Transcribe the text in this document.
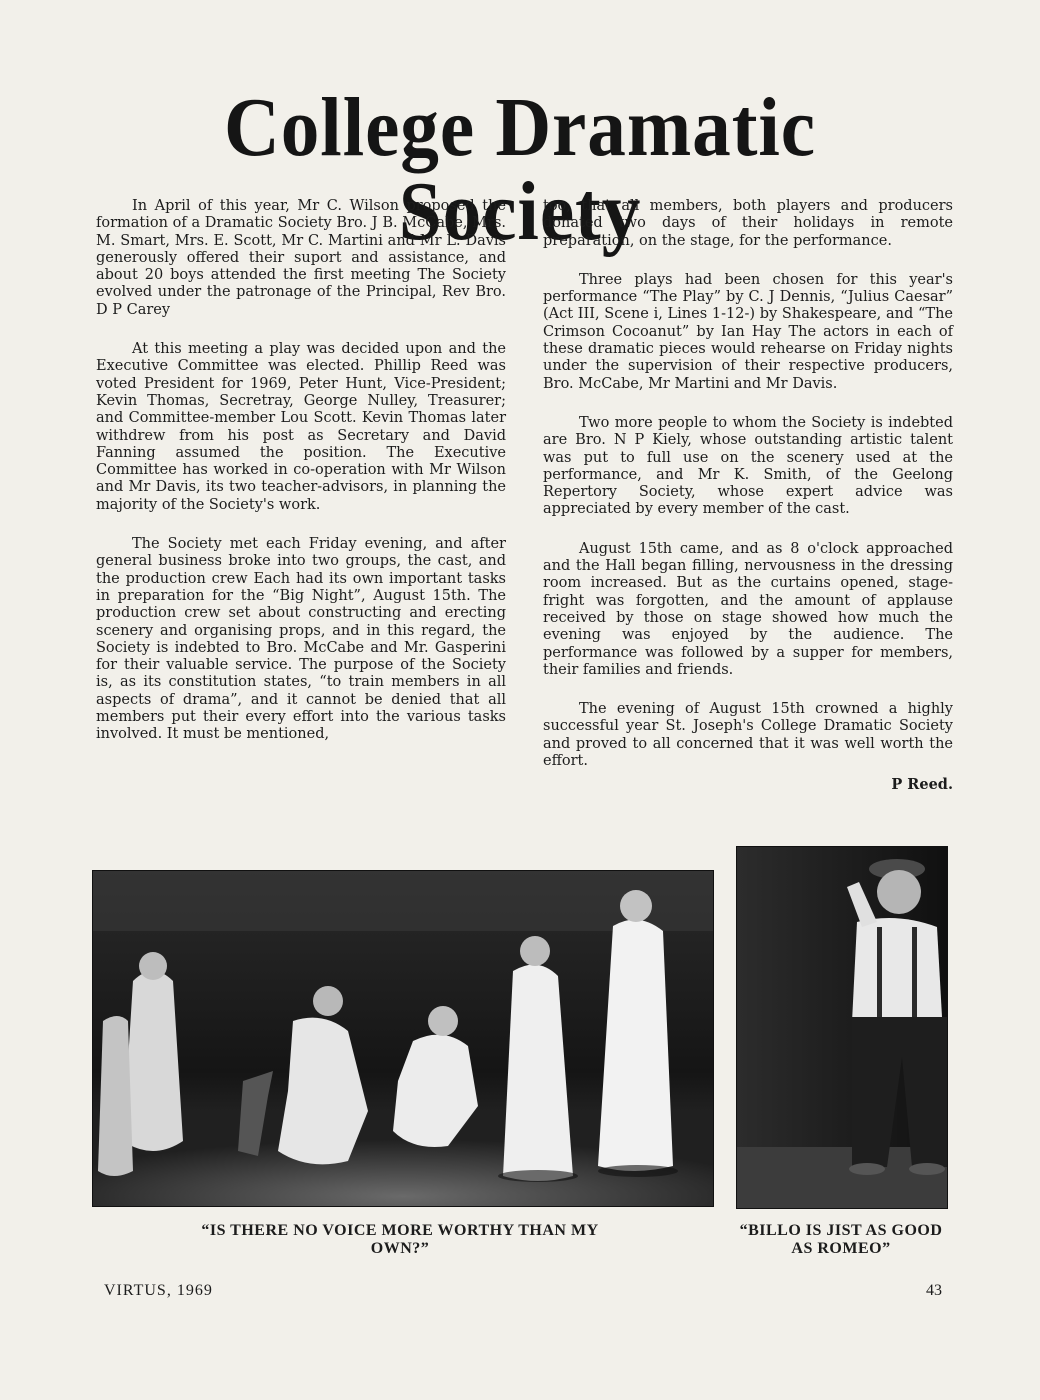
College Dramatic Society

In April of this year, Mr C. Wilson proposed the formation of a Dramatic Society Bro. J B. McCabe, Mrs. M. Smart, Mrs. E. Scott, Mr C. Martini and Mr L. Davis generously offered their suport and assistance, and about 20 boys attended the first meeting The Society evolved under the patronage of the Principal, Rev Bro. D P Carey

At this meeting a play was decided upon and the Executive Committee was elected. Phillip Reed was voted President for 1969, Peter Hunt, Vice-President; Kevin Thomas, Secretray, George Nulley, Treasurer; and Committee-member Lou Scott. Kevin Thomas later withdrew from his post as Secretary and David Fanning assumed the position. The Executive Committee has worked in co-operation with Mr Wilson and Mr Davis, its two teacher-advisors, in planning the majority of the Society's work.

The Society met each Friday evening, and after general business broke into two groups, the cast, and the production crew Each had its own important tasks in preparation for the “Big Night”, August 15th. The production crew set about constructing and erecting scenery and organising props, and in this regard, the Society is indebted to Bro. McCabe and Mr. Gasperini for their valuable service. The purpose of the Society is, as its constitution states, “to train members in all aspects of drama”, and it cannot be denied that all members put their every effort into the various tasks involved. It must be mentioned,

too, that all members, both players and producers donated two days of their holidays in remote preparation, on the stage, for the performance.

Three plays had been chosen for this year's performance “The Play” by C. J Dennis, “Julius Caesar” (Act III, Scene i, Lines 1-12-) by Shakespeare, and “The Crimson Cocoanut” by Ian Hay The actors in each of these dramatic pieces would rehearse on Friday nights under the supervision of their respective producers, Bro. McCabe, Mr Martini and Mr Davis.

Two more people to whom the Society is indebted are Bro. N P Kiely, whose outstanding artistic talent was put to full use on the scenery used at the performance, and Mr K. Smith, of the Geelong Repertory Society, whose expert advice was appreciated by every member of the cast.

August 15th came, and as 8 o'clock approached and the Hall began filling, nervousness in the dressing room increased. But as the curtains opened, stage-fright was forgotten, and the amount of applause received by those on stage showed how much the evening was enjoyed by the audience. The performance was followed by a supper for members, their families and friends.

The evening of August 15th crowned a highly successful year St. Joseph's College Dramatic Society and proved to all concerned that it was well worth the effort.

P Reed.
“IS THERE NO VOICE MORE WORTHY THAN MY OWN?”
“BILLO IS JIST AS GOOD AS ROMEO”
VIRTUS, 1969	43
